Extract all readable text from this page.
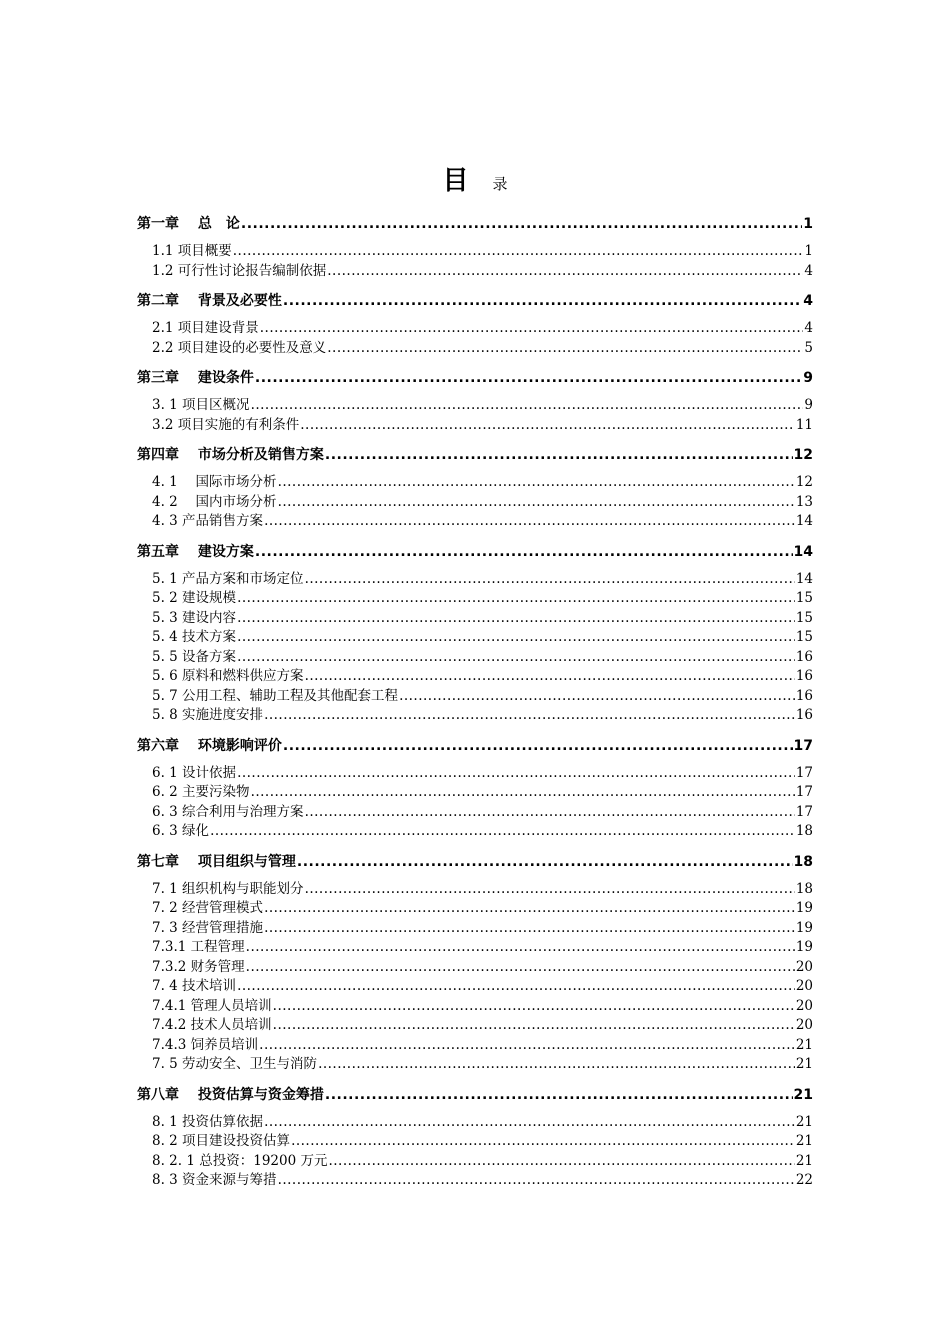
目 录
第一章　 总　论 .....	1
1.1 项目概要 .....	1
1.2 可行性讨论报告编制依据 .....	4
第二章　 背景及必要性 .....	4
2.1 项目建设背景 .....	4
2.2 项目建设的必要性及意义 .....	5
第三章　 建设条件 .....	9
3. 1 项目区概况 .....	9
3.2 项目实施的有利条件 .....	11
第四章　 市场分析及销售方案 .....	12
4. 1　 国际市场分析 .....	12
4. 2　 国内市场分析 .....	13
4. 3 产品销售方案 .....	14
第五章　 建设方案 .....	14
5. 1 产品方案和市场定位 .....	14
5. 2 建设规模 .....	15
5. 3 建设内容 .....	15
5. 4 技术方案 .....	15
5. 5 设备方案 .....	16
5. 6 原料和燃料供应方案 .....	16
5. 7 公用工程、辅助工程及其他配套工程 .....	16
5. 8 实施进度安排 .....	16
第六章　 环境影响评价 .....	17
6. 1 设计依据 .....	17
6. 2 主要污染物 .....	17
6. 3 综合利用与治理方案 .....	17
6. 3 绿化 .....	18
第七章　 项目组织与管理 .....	18
7. 1 组织机构与职能划分 .....	18
7. 2 经营管理模式 .....	19
7. 3 经营管理措施 .....	19
7.3.1 工程管理 .....	19
7.3.2 财务管理 .....	20
7. 4 技术培训 .....	20
7.4.1 管理人员培训 .....	20
7.4.2 技术人员培训 .....	20
7.4.3 饲养员培训 .....	21
7. 5 劳动安全、卫生与消防 .....	21
第八章　 投资估算与资金筹措 .....	21
8. 1 投资估算依据 .....	21
8. 2 项目建设投资估算 .....	21
8. 2. 1 总投资：19200 万元 .....	21
8. 3 资金来源与筹措 .....	22
